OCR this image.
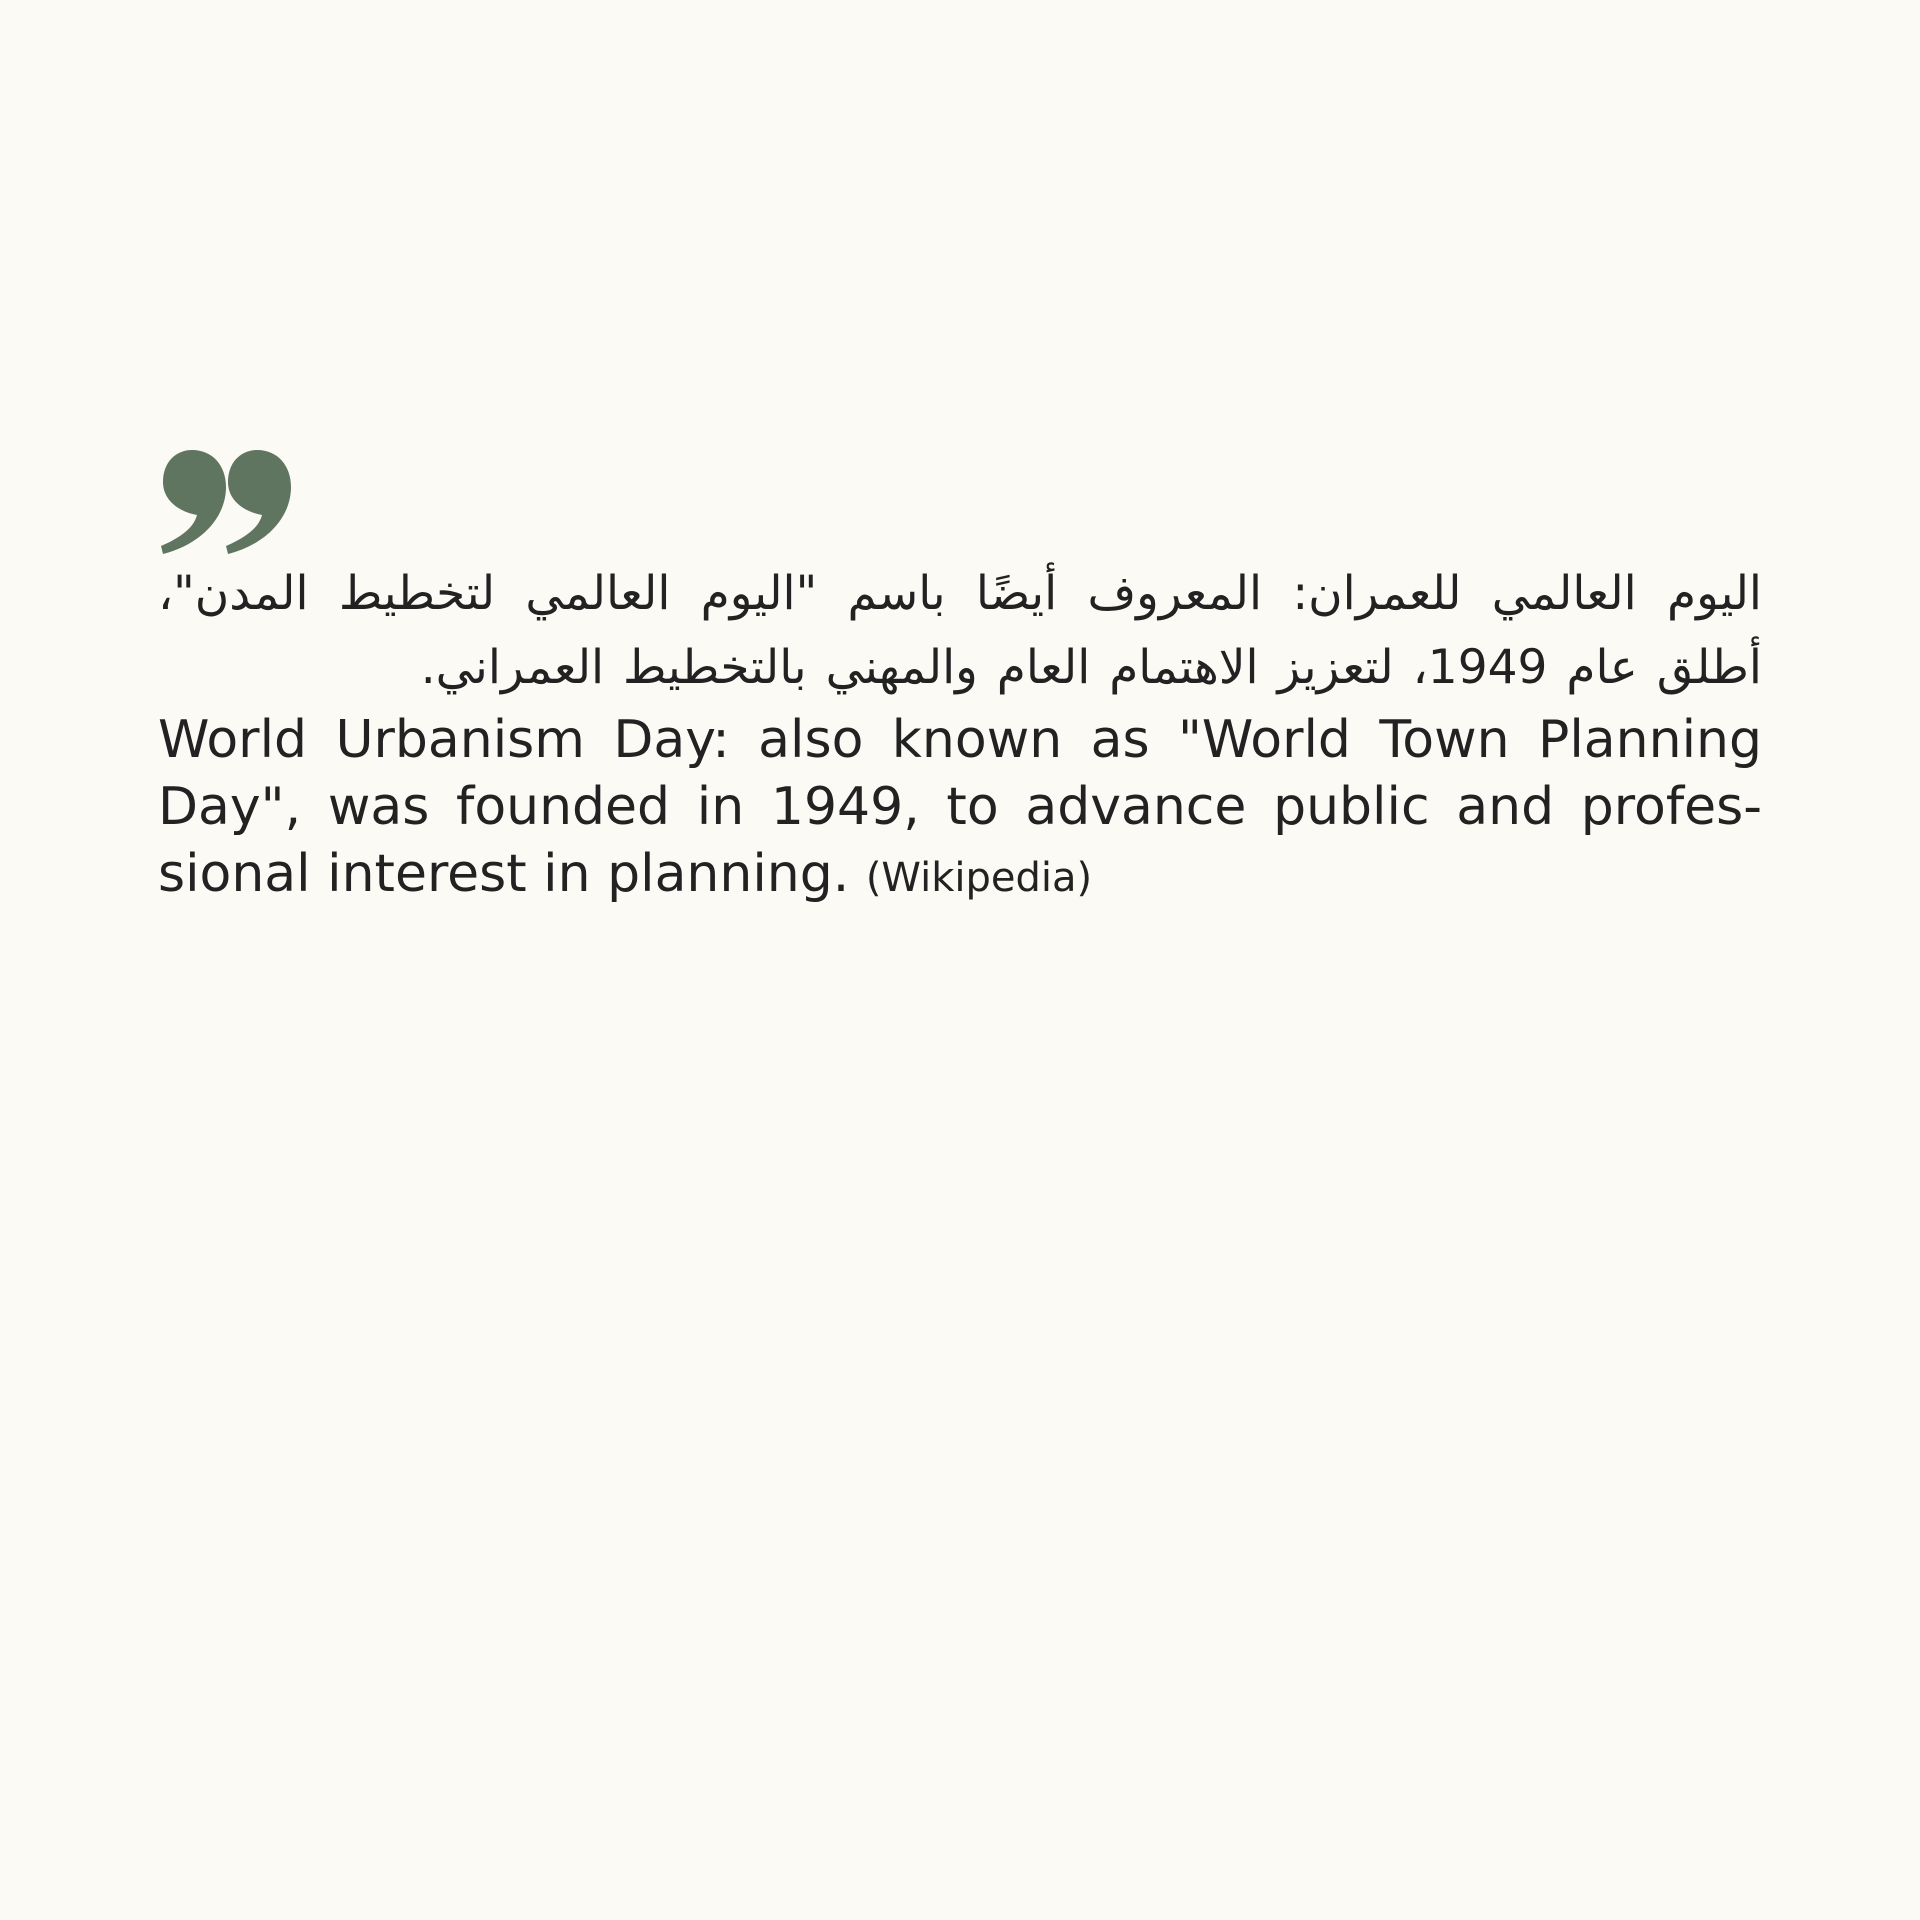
اليوم العالمي للعمران: المعروف أيضًا باسم "اليوم العالمي لتخطيط المدن"، أطلق عام 1949، لتعزيز الاهتمام العام والمهني بالتخطيط العمراني.

World Urbanism Day: also known as "World Town Planning Day", was founded in 1949, to advance public and professional interest in planning. (Wikipedia)
